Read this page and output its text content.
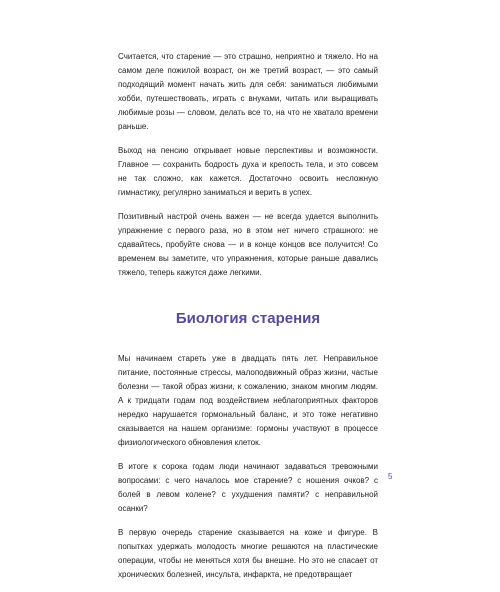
Считается, что старение — это страшно, неприятно и тяжело. Но на самом деле пожилой возраст, он же третий возраст, — это самый подходящий момент начать жить для себя: заниматься любимыми хобби, путешествовать, играть с внуками, читать или выращивать любимые розы — словом, делать все то, на что не хватало времени раньше.

Выход на пенсию открывает новые перспективы и возможности. Главное — сохранить бодрость духа и крепость тела, и это совсем не так сложно, как кажется. Достаточно освоить несложную гимнастику, регулярно заниматься и верить в успех.

Позитивный настрой очень важен — не всегда удается выполнить упражнение с первого раза, но в этом нет ничего страшного: не сдавайтесь, пробуйте снова — и в конце концов все получится! Со временем вы заметите, что упражнения, которые раньше давались тяжело, теперь кажутся даже легкими.

Биология старения

Мы начинаем стареть уже в двадцать пять лет. Неправильное питание, постоянные стрессы, малоподвижный образ жизни, частые болезни — такой образ жизни, к сожалению, знаком многим людям. А к тридцати годам под воздействием неблагоприятных факторов нередко нарушается гормональный баланс, и это тоже негативно сказывается на нашем организме: гормоны участвуют в процессе физиологического обновления клеток.

В итоге к сорока годам люди начинают задаваться тревожными вопросами: с чего началось мое старение? с ношения очков? с болей в левом колене? с ухудшения памяти? с неправильной осанки?

В первую очередь старение сказывается на коже и фигуре. В попытках удержать молодость многие решаются на пластические операции, чтобы не меняться хотя бы внешне. Но это не спасает от хронических болезней, инсульта, инфаркта, не предотвращает

5
